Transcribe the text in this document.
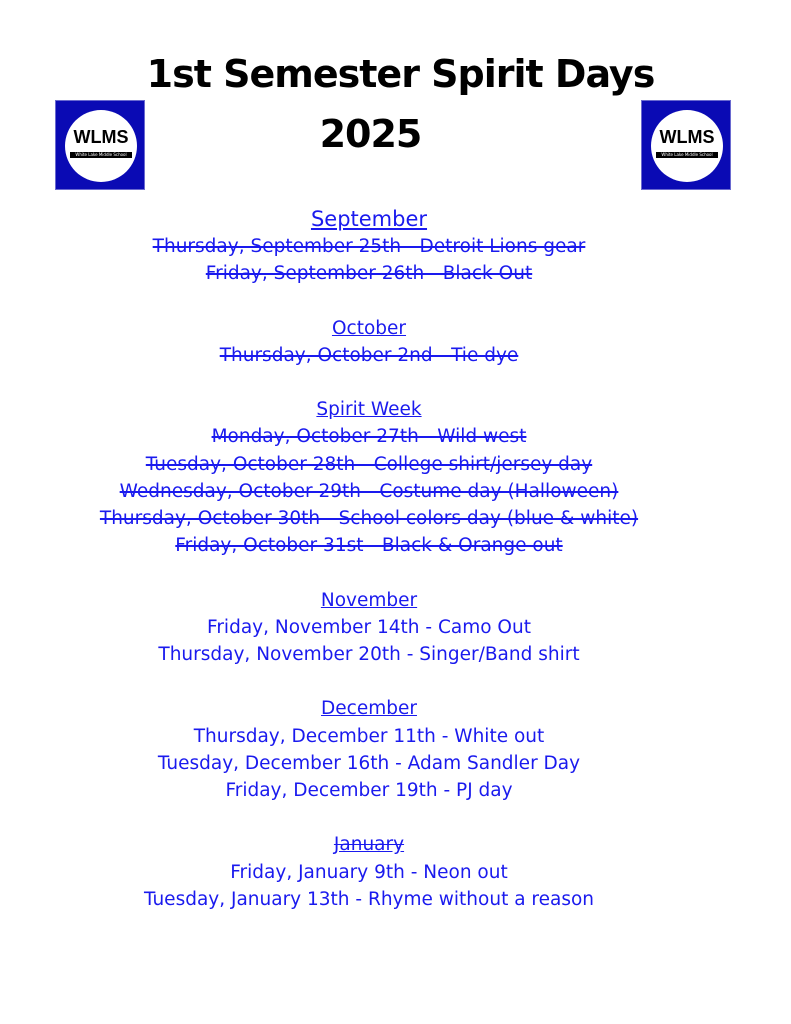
1st Semester Spirit Days
2025
WLMS
White Lake Middle School
WLMS
White Lake Middle School
September
Thursday, September 25th - Detroit Lions gear
Friday, September 26th - Black Out
October
Thursday, October 2nd - Tie dye
Spirit Week
Monday, October 27th - Wild west
Tuesday, October 28th - College shirt/jersey day
Wednesday, October 29th - Costume day (Halloween)
Thursday, October 30th - School colors day (blue & white)
Friday, October 31st - Black & Orange out
November
Friday, November 14th - Camo Out
Thursday, November 20th - Singer/Band shirt
December
Thursday, December 11th - White out
Tuesday, December 16th - Adam Sandler Day
Friday, December 19th - PJ day
January
Friday, January 9th - Neon out
Tuesday, January 13th - Rhyme without a reason
